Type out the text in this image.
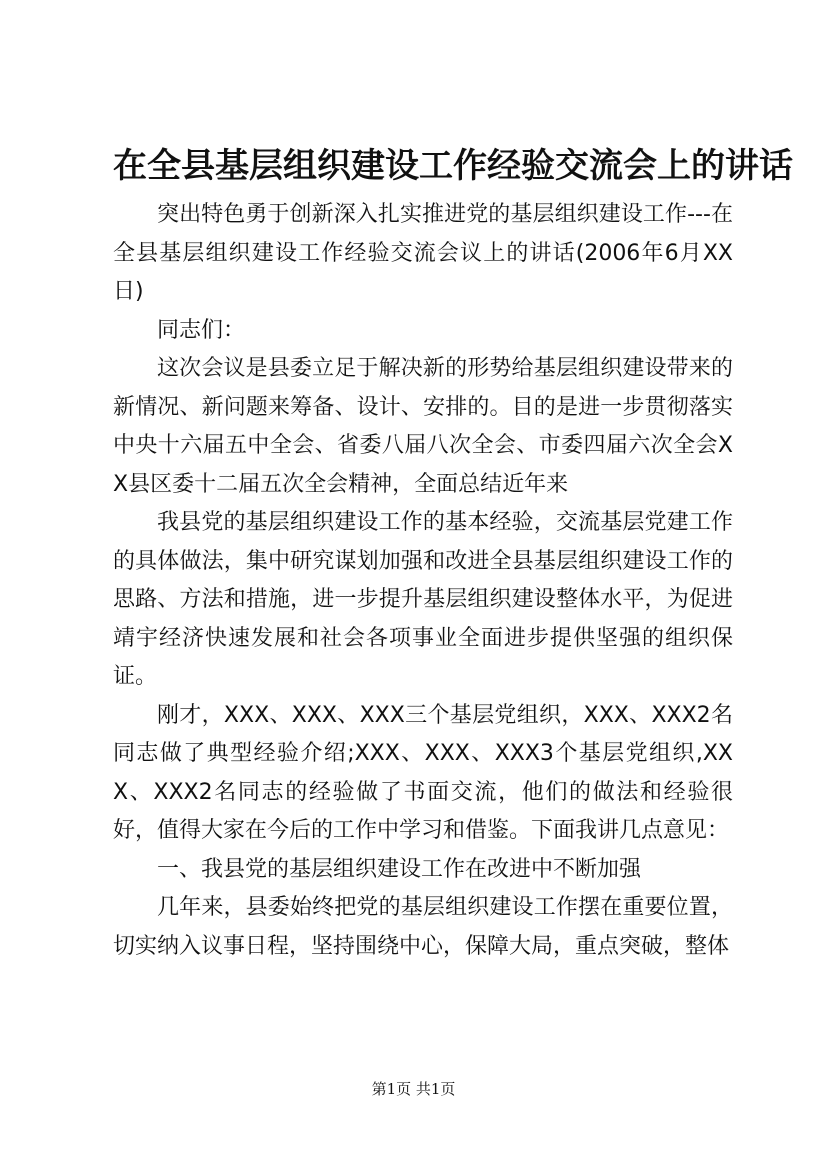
在全县基层组织建设工作经验交流会上的讲话

突出特色勇于创新深入扎实推进党的基层组织建设工作---在全县基层组织建设工作经验交流会议上的讲话(2006年6月XX日)

同志们：

这次会议是县委立足于解决新的形势给基层组织建设带来的新情况、新问题来筹备、设计、安排的。目的是进一步贯彻落实中央十六届五中全会、省委八届八次全会、市委四届六次全会XX县区委十二届五次全会精神，全面总结近年来

我县党的基层组织建设工作的基本经验，交流基层党建工作的具体做法，集中研究谋划加强和改进全县基层组织建设工作的思路、方法和措施，进一步提升基层组织建设整体水平，为促进靖宇经济快速发展和社会各项事业全面进步提供坚强的组织保证。

刚才，XXX、XXX、XXX三个基层党组织，XXX、XXX2名同志做了典型经验介绍;XXX、XXX、XXX3个基层党组织,XXX、XXX2名同志的经验做了书面交流，他们的做法和经验很好，值得大家在今后的工作中学习和借鉴。下面我讲几点意见：

一、我县党的基层组织建设工作在改进中不断加强

几年来，县委始终把党的基层组织建设工作摆在重要位置，切实纳入议事日程，坚持围绕中心，保障大局，重点突破，整体

第1页 共1页
